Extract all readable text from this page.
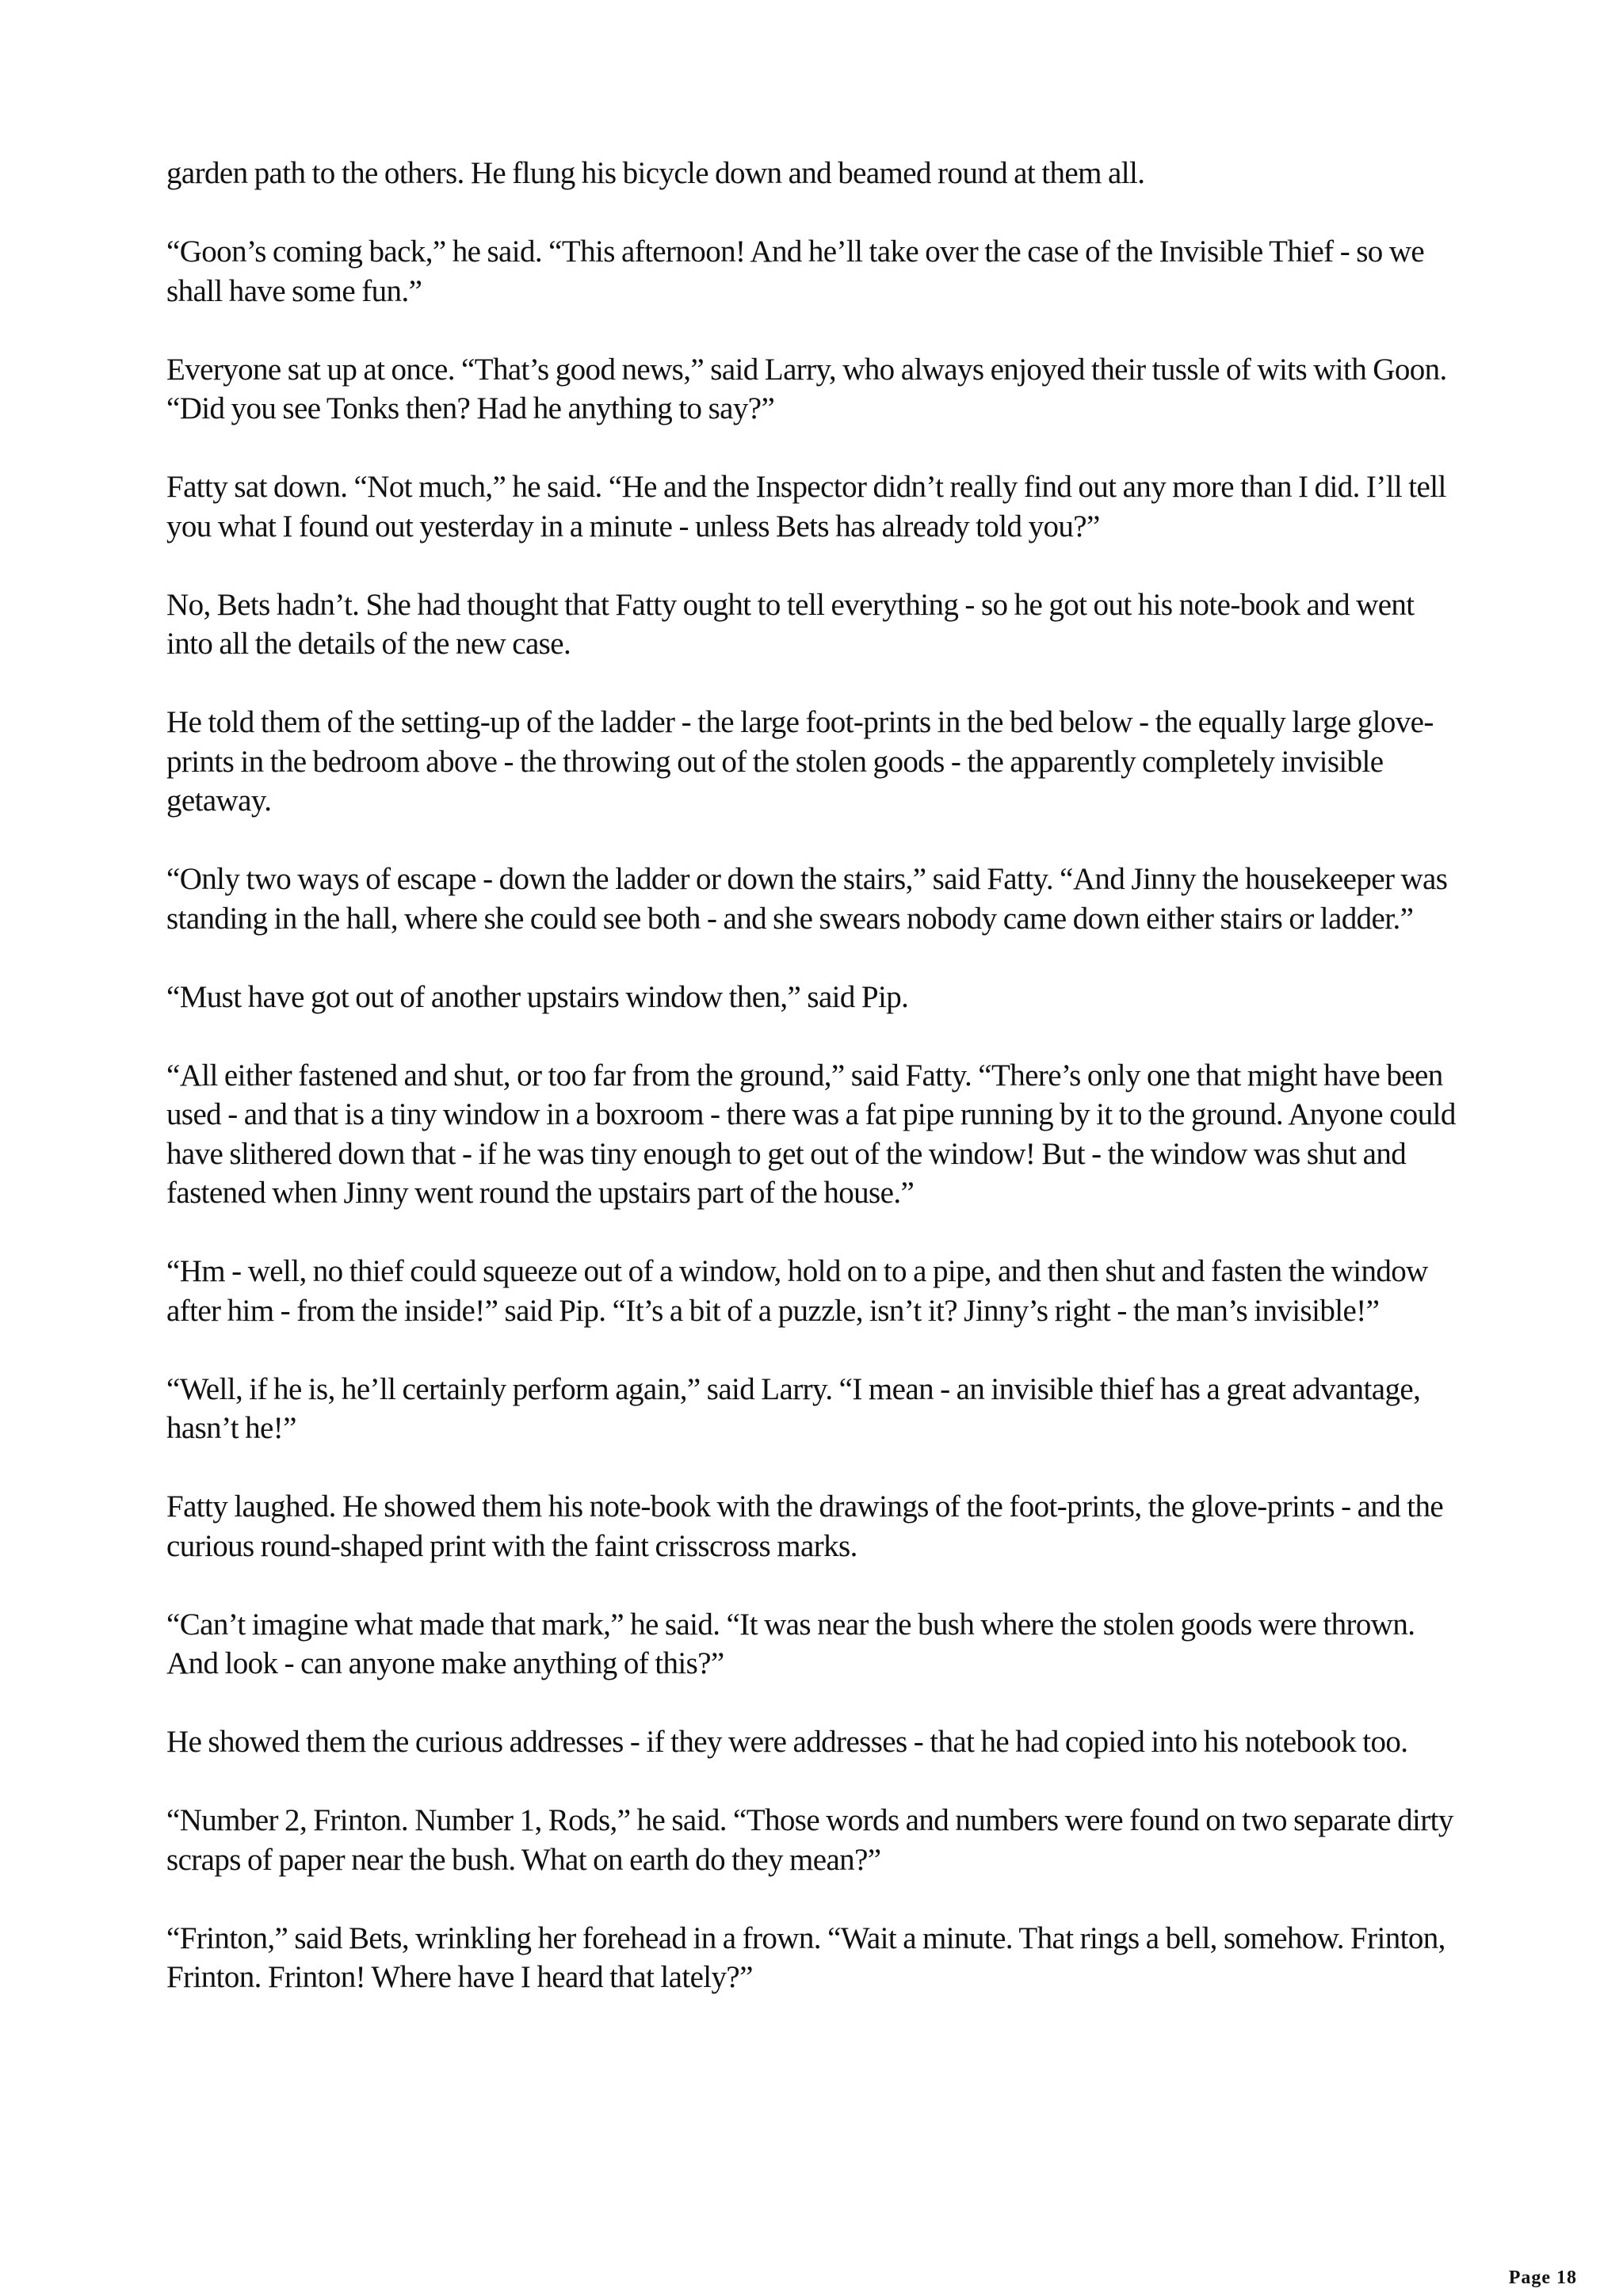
garden path to the others. He flung his bicycle down and beamed round at them all.

“Goon’s coming back,” he said. “This afternoon! And he’ll take over the case of the Invisible Thief - so we shall have some fun.”

Everyone sat up at once. “That’s good news,” said Larry, who always enjoyed their tussle of wits with Goon. “Did you see Tonks then? Had he anything to say?”

Fatty sat down. “Not much,” he said. “He and the Inspector didn’t really find out any more than I did. I’ll tell you what I found out yesterday in a minute - unless Bets has already told you?”

No, Bets hadn’t. She had thought that Fatty ought to tell everything - so he got out his note-book and went into all the details of the new case.

He told them of the setting-up of the ladder - the large foot-prints in the bed below - the equally large glove-prints in the bedroom above - the throwing out of the stolen goods - the apparently completely invisible getaway.

“Only two ways of escape - down the ladder or down the stairs,” said Fatty. “And Jinny the housekeeper was standing in the hall, where she could see both - and she swears nobody came down either stairs or ladder.”

“Must have got out of another upstairs window then,” said Pip.

“All either fastened and shut, or too far from the ground,” said Fatty. “There’s only one that might have been used - and that is a tiny window in a boxroom - there was a fat pipe running by it to the ground. Anyone could have slithered down that - if he was tiny enough to get out of the window! But - the window was shut and fastened when Jinny went round the upstairs part of the house.”

“Hm - well, no thief could squeeze out of a window, hold on to a pipe, and then shut and fasten the window after him - from the inside!” said Pip. “It’s a bit of a puzzle, isn’t it? Jinny’s right - the man’s invisible!”

“Well, if he is, he’ll certainly perform again,” said Larry. “I mean - an invisible thief has a great advantage, hasn’t he!”

Fatty laughed. He showed them his note-book with the drawings of the foot-prints, the glove-prints - and the curious round-shaped print with the faint crisscross marks.

“Can’t imagine what made that mark,” he said. “It was near the bush where the stolen goods were thrown. And look - can anyone make anything of this?”

He showed them the curious addresses - if they were addresses - that he had copied into his notebook too.

“Number 2, Frinton. Number 1, Rods,” he said. “Those words and numbers were found on two separate dirty scraps of paper near the bush. What on earth do they mean?”

“Frinton,” said Bets, wrinkling her forehead in a frown. “Wait a minute. That rings a bell, somehow. Frinton, Frinton. Frinton! Where have I heard that lately?”

Page 18
